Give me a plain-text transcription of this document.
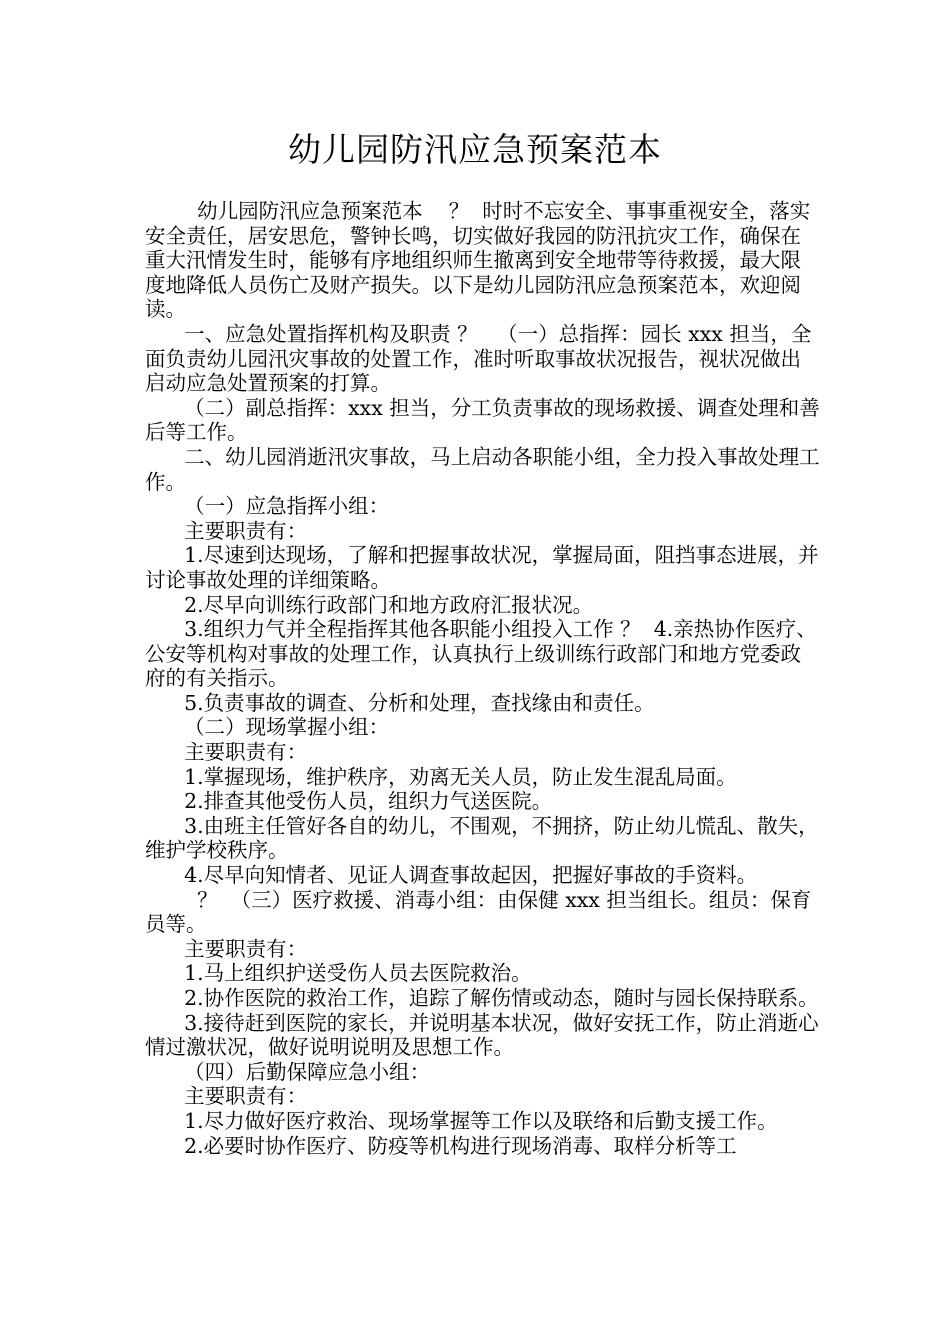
幼儿园防汛应急预案范本

幼儿园防汛应急预案范本    ？  时时不忘安全、事事重视安全，落实安全责任，居安思危，警钟长鸣，切实做好我园的防汛抗灾工作，确保在重大汛情发生时，能够有序地组织师生撤离到安全地带等待救援，最大限度地降低人员伤亡及财产损失。以下是幼儿园防汛应急预案范本，欢迎阅读。

一、应急处置指挥机构及职责 ？   （一）总指挥：园长 xxx 担当，全面负责幼儿园汛灾事故的处置工作，准时听取事故状况报告，视状况做出启动应急处置预案的打算。

（二）副总指挥：xxx 担当，分工负责事故的现场救援、调查处理和善后等工作。

二、幼儿园消逝汛灾事故，马上启动各职能小组，全力投入事故处理工作。

（一）应急指挥小组：

主要职责有：

1.尽速到达现场，了解和把握事故状况，掌握局面，阻挡事态进展，并讨论事故处理的详细策略。

2.尽早向训练行政部门和地方政府汇报状况。

3.组织力气并全程指挥其他各职能小组投入工作 ？  4.亲热协作医疗、公安等机构对事故的处理工作，认真执行上级训练行政部门和地方党委政府的有关指示。

5.负责事故的调查、分析和处理，查找缘由和责任。

（二）现场掌握小组：

主要职责有：

1.掌握现场，维护秩序，劝离无关人员，防止发生混乱局面。

2.排查其他受伤人员，组织力气送医院。

3.由班主任管好各自的幼儿，不围观，不拥挤，防止幼儿慌乱、散失，维护学校秩序。

4.尽早向知情者、见证人调查事故起因，把握好事故的手资料。

？  （三）医疗救援、消毒小组：由保健 xxx 担当组长。组员：保育员等。

主要职责有：

1.马上组织护送受伤人员去医院救治。

2.协作医院的救治工作，追踪了解伤情或动态，随时与园长保持联系。

3.接待赶到医院的家长，并说明基本状况，做好安抚工作，防止消逝心情过激状况，做好说明说明及思想工作。

（四）后勤保障应急小组：

主要职责有：

1.尽力做好医疗救治、现场掌握等工作以及联络和后勤支援工作。

2.必要时协作医疗、防疫等机构进行现场消毒、取样分析等工
